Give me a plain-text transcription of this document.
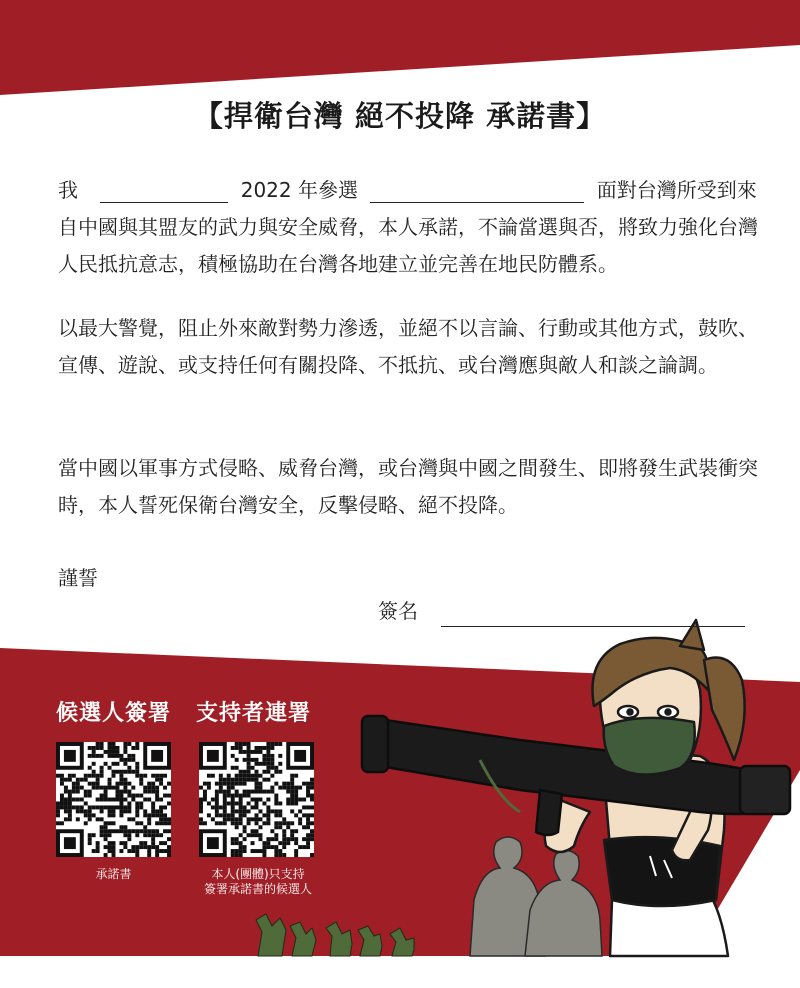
【捍衛台灣 絕不投降 承諾書】
我	2022 年參選	面對台灣所受到來

自中國與其盟友的武力與安全威脅，本人承諾，不論當選與否，將致力強化台灣人民抵抗意志，積極協助在台灣各地建立並完善在地民防體系。

以最大警覺，阻止外來敵對勢力滲透，並絕不以言論、行動或其他方式，鼓吹、宣傳、遊說、或支持任何有關投降、不抵抗、或台灣應與敵人和談之論調。

當中國以軍事方式侵略、威脅台灣，或台灣與中國之間發生、即將發生武裝衝突時，本人誓死保衛台灣安全，反擊侵略、絕不投降。

謹誓
簽名
候選人簽署 支持者連署
承諾書	本人(團體)只支持
簽署承諾書的候選人
